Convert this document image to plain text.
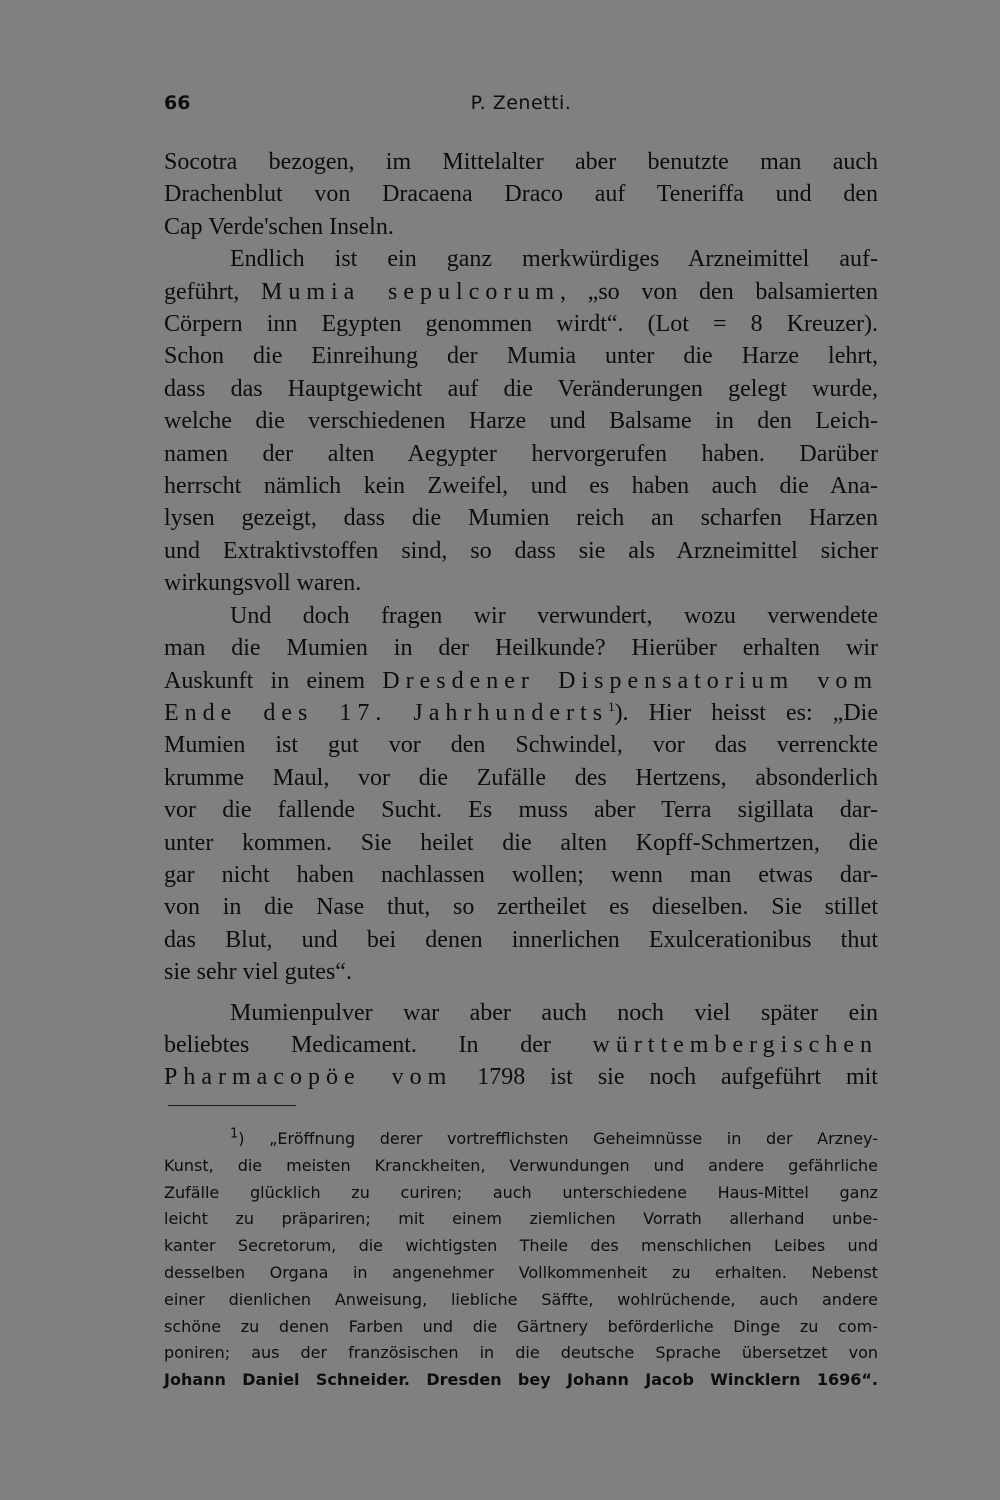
66	P. Zenetti.

Socotra bezogen, im Mittelalter aber benutzte man auch
Drachenblut von Dracaena Draco auf Teneriffa und den
Cap Verde'schen Inseln.

Endlich ist ein ganz merkwürdiges Arzneimittel auf-
geführt, Mumia sepulcorum, „so von den balsamierten
Cörpern inn Egypten genommen wirdt“. (Lot = 8 Kreuzer).
Schon die Einreihung der Mumia unter die Harze lehrt,
dass das Hauptgewicht auf die Veränderungen gelegt wurde,
welche die verschiedenen Harze und Balsame in den Leich-
namen der alten Aegypter hervorgerufen haben. Darüber
herrscht nämlich kein Zweifel, und es haben auch die Ana-
lysen gezeigt, dass die Mumien reich an scharfen Harzen
und Extraktivstoffen sind, so dass sie als Arzneimittel sicher
wirkungsvoll waren.

Und doch fragen wir verwundert, wozu verwendete
man die Mumien in der Heilkunde? Hierüber erhalten wir
Auskunft in einem Dresdener Dispensatorium vom
Ende des 17. Jahrhunderts$^1$). Hier heisst es: „Die
Mumien ist gut vor den Schwindel, vor das verrenckte
krumme Maul, vor die Zufälle des Hertzens, absonderlich
vor die fallende Sucht. Es muss aber Terra sigillata dar-
unter kommen. Sie heilet die alten Kopff-Schmertzen, die
gar nicht haben nachlassen wollen; wenn man etwas dar-
von in die Nase thut, so zertheilet es dieselben. Sie stillet
das Blut, und bei denen innerlichen Exulcerationibus thut
sie sehr viel gutes“.

Mumienpulver war aber auch noch viel später ein
beliebtes Medicament. In der württembergischen
Pharmacopöe vom 1798 ist sie noch aufgeführt mit

$^1$) „Eröffnung derer vortrefflichsten Geheimnüsse in der Arzney-
Kunst, die meisten Kranckheiten, Verwundungen und andere gefährliche
Zufälle glücklich zu curiren; auch unterschiedene Haus-Mittel ganz
leicht zu präpariren; mit einem ziemlichen Vorrath allerhand unbe-
kanter Secretorum, die wichtigsten Theile des menschlichen Leibes und
desselben Organa in angenehmer Vollkommenheit zu erhalten. Nebenst
einer dienlichen Anweisung, liebliche Säffte, wohlrüchende, auch andere
schöne zu denen Farben und die Gärtnery beförderliche Dinge zu com-
poniren; aus der französischen in die deutsche Sprache übersetzet von
Johann Daniel Schneider. Dresden bey Johann Jacob Wincklern 1696“.
